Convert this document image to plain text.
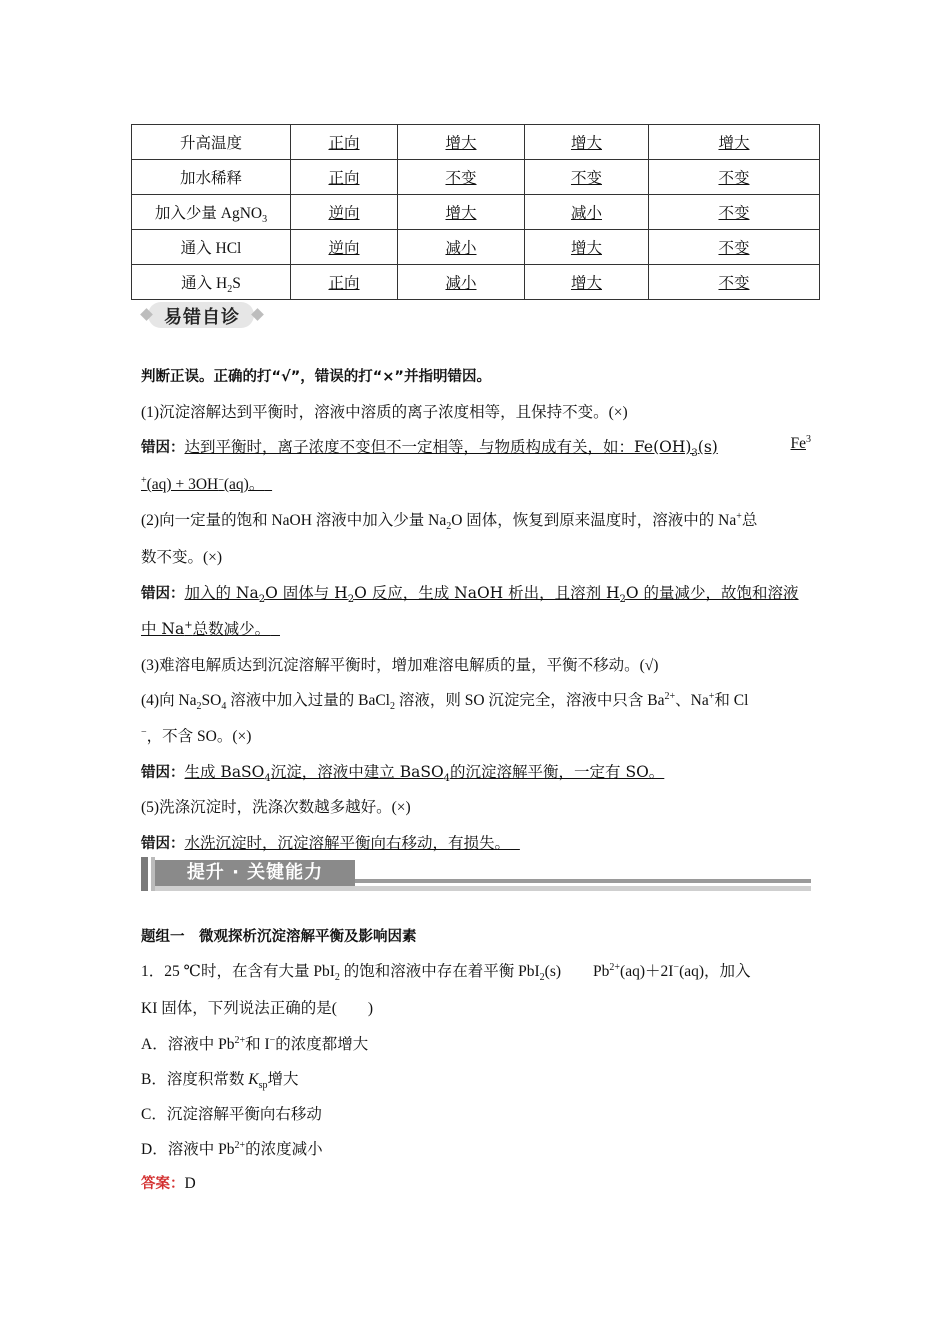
升高温度	正向	增大	增大	增大
加水稀释	正向	不变	不变	不变
加入少量 AgNO$_3$	逆向	增大	减小	不变
通入 HCl	逆向	减小	增大	不变
通入 $H_2S$	正向	减小	增大	不变
易错自诊
判断正误。正确的打“√”，错误的打“×”并指明错因。
(1)沉淀溶解达到平衡时，溶液中溶质的离子浓度相等，且保持不变。(×)
错因：达到平衡时，离子浓度不变但不一定相等，与物质构成有关，如：$Fe(OH)_3(s)$	Fe$^3$
+(aq) + 3OH−(aq)。
(2)向一定量的饱和 NaOH 溶液中加入少量 $Na_2O$ 固体，恢复到原来温度时，溶液中的 Na+总
数不变。(×)
错因：加入的 $Na_2O$ 固体与 $H_2O$ 反应，生成 NaOH 析出，且溶剂 $H_2O$ 的量减少，故饱和溶液
中 Na+总数减少。
(3)难溶电解质达到沉淀溶解平衡时，增加难溶电解质的量，平衡不移动。(√)
(4)向 $Na_2SO_4$ 溶液中加入过量的 BaCl$_2$ 溶液，则 SO 沉淀完全，溶液中只含 $Ba^{2+}$、Na+和 Cl
−，不含 SO。(×)
错因：生成 BaSO$_4$沉淀，溶液中建立 BaSO$_4$的沉淀溶解平衡，一定有 SO。
(5)洗涤沉淀时，洗涤次数越多越好。(×)
错因：水洗沉淀时，沉淀溶解平衡向右移动，有损失。
提升 · 关键能力
题组一　微观探析沉淀溶解平衡及影响因素
1．25 ℃时，在含有大量 PbI$_2$ 的饱和溶液中存在着平衡 PbI$_2$(s) $Pb^{2+}(aq)+2I^-(aq)$，加入
KI 固体，下列说法正确的是(　　)
A．溶液中 $Pb^{2+}$和 I−的浓度都增大
B．溶度积常数 $K_{sp}$增大
C．沉淀溶解平衡向右移动
D．溶液中 $Pb^{2+}$的浓度减小
答案：D
